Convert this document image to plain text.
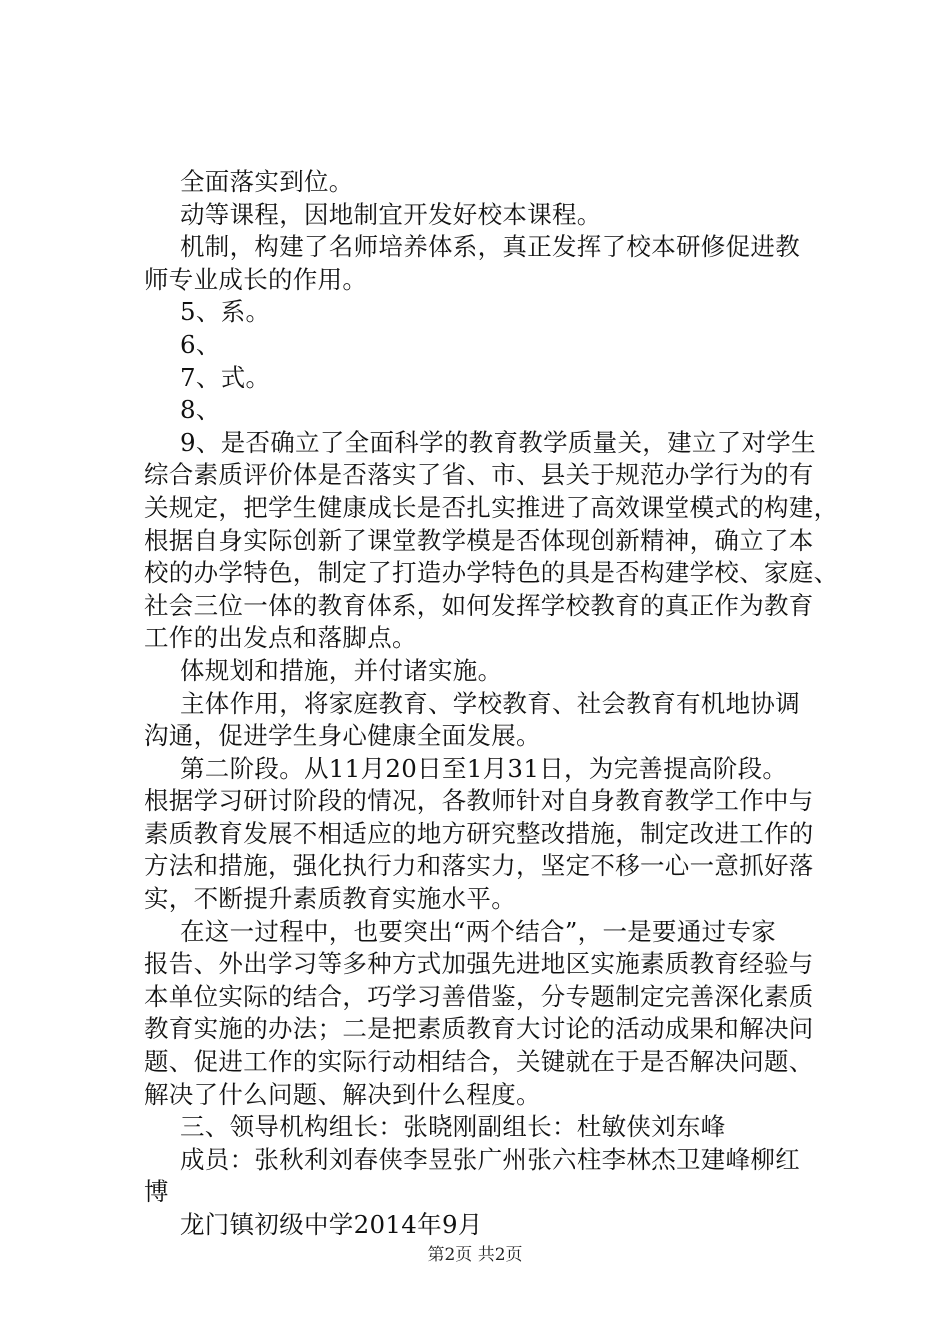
全面落实到位。
动等课程，因地制宜开发好校本课程。
机制，构建了名师培养体系，真正发挥了校本研修促进教
师专业成长的作用。
5、系。
6、
7、式。
8、
9、是否确立了全面科学的教育教学质量关，建立了对学生
综合素质评价体是否落实了省、市、县关于规范办学行为的有
关规定，把学生健康成长是否扎实推进了高效课堂模式的构建，
根据自身实际创新了课堂教学模是否体现创新精神，确立了本
校的办学特色，制定了打造办学特色的具是否构建学校、家庭、
社会三位一体的教育体系，如何发挥学校教育的真正作为教育
工作的出发点和落脚点。
体规划和措施，并付诸实施。
主体作用，将家庭教育、学校教育、社会教育有机地协调
沟通，促进学生身心健康全面发展。
第二阶段。从11月20日至1月31日，为完善提高阶段。
根据学习研讨阶段的情况，各教师针对自身教育教学工作中与
素质教育发展不相适应的地方研究整改措施，制定改进工作的
方法和措施，强化执行力和落实力，坚定不移一心一意抓好落
实，不断提升素质教育实施水平。
在这一过程中，也要突出“两个结合”，一是要通过专家
报告、外出学习等多种方式加强先进地区实施素质教育经验与
本单位实际的结合，巧学习善借鉴，分专题制定完善深化素质
教育实施的办法；二是把素质教育大讨论的活动成果和解决问
题、促进工作的实际行动相结合，关键就在于是否解决问题、
解决了什么问题、解决到什么程度。
三、领导机构组长：张晓刚副组长：杜敏侠刘东峰
成员：张秋利刘春侠李昱张广州张六柱李林杰卫建峰柳红
博
龙门镇初级中学2014年9月
第2页 共2页
